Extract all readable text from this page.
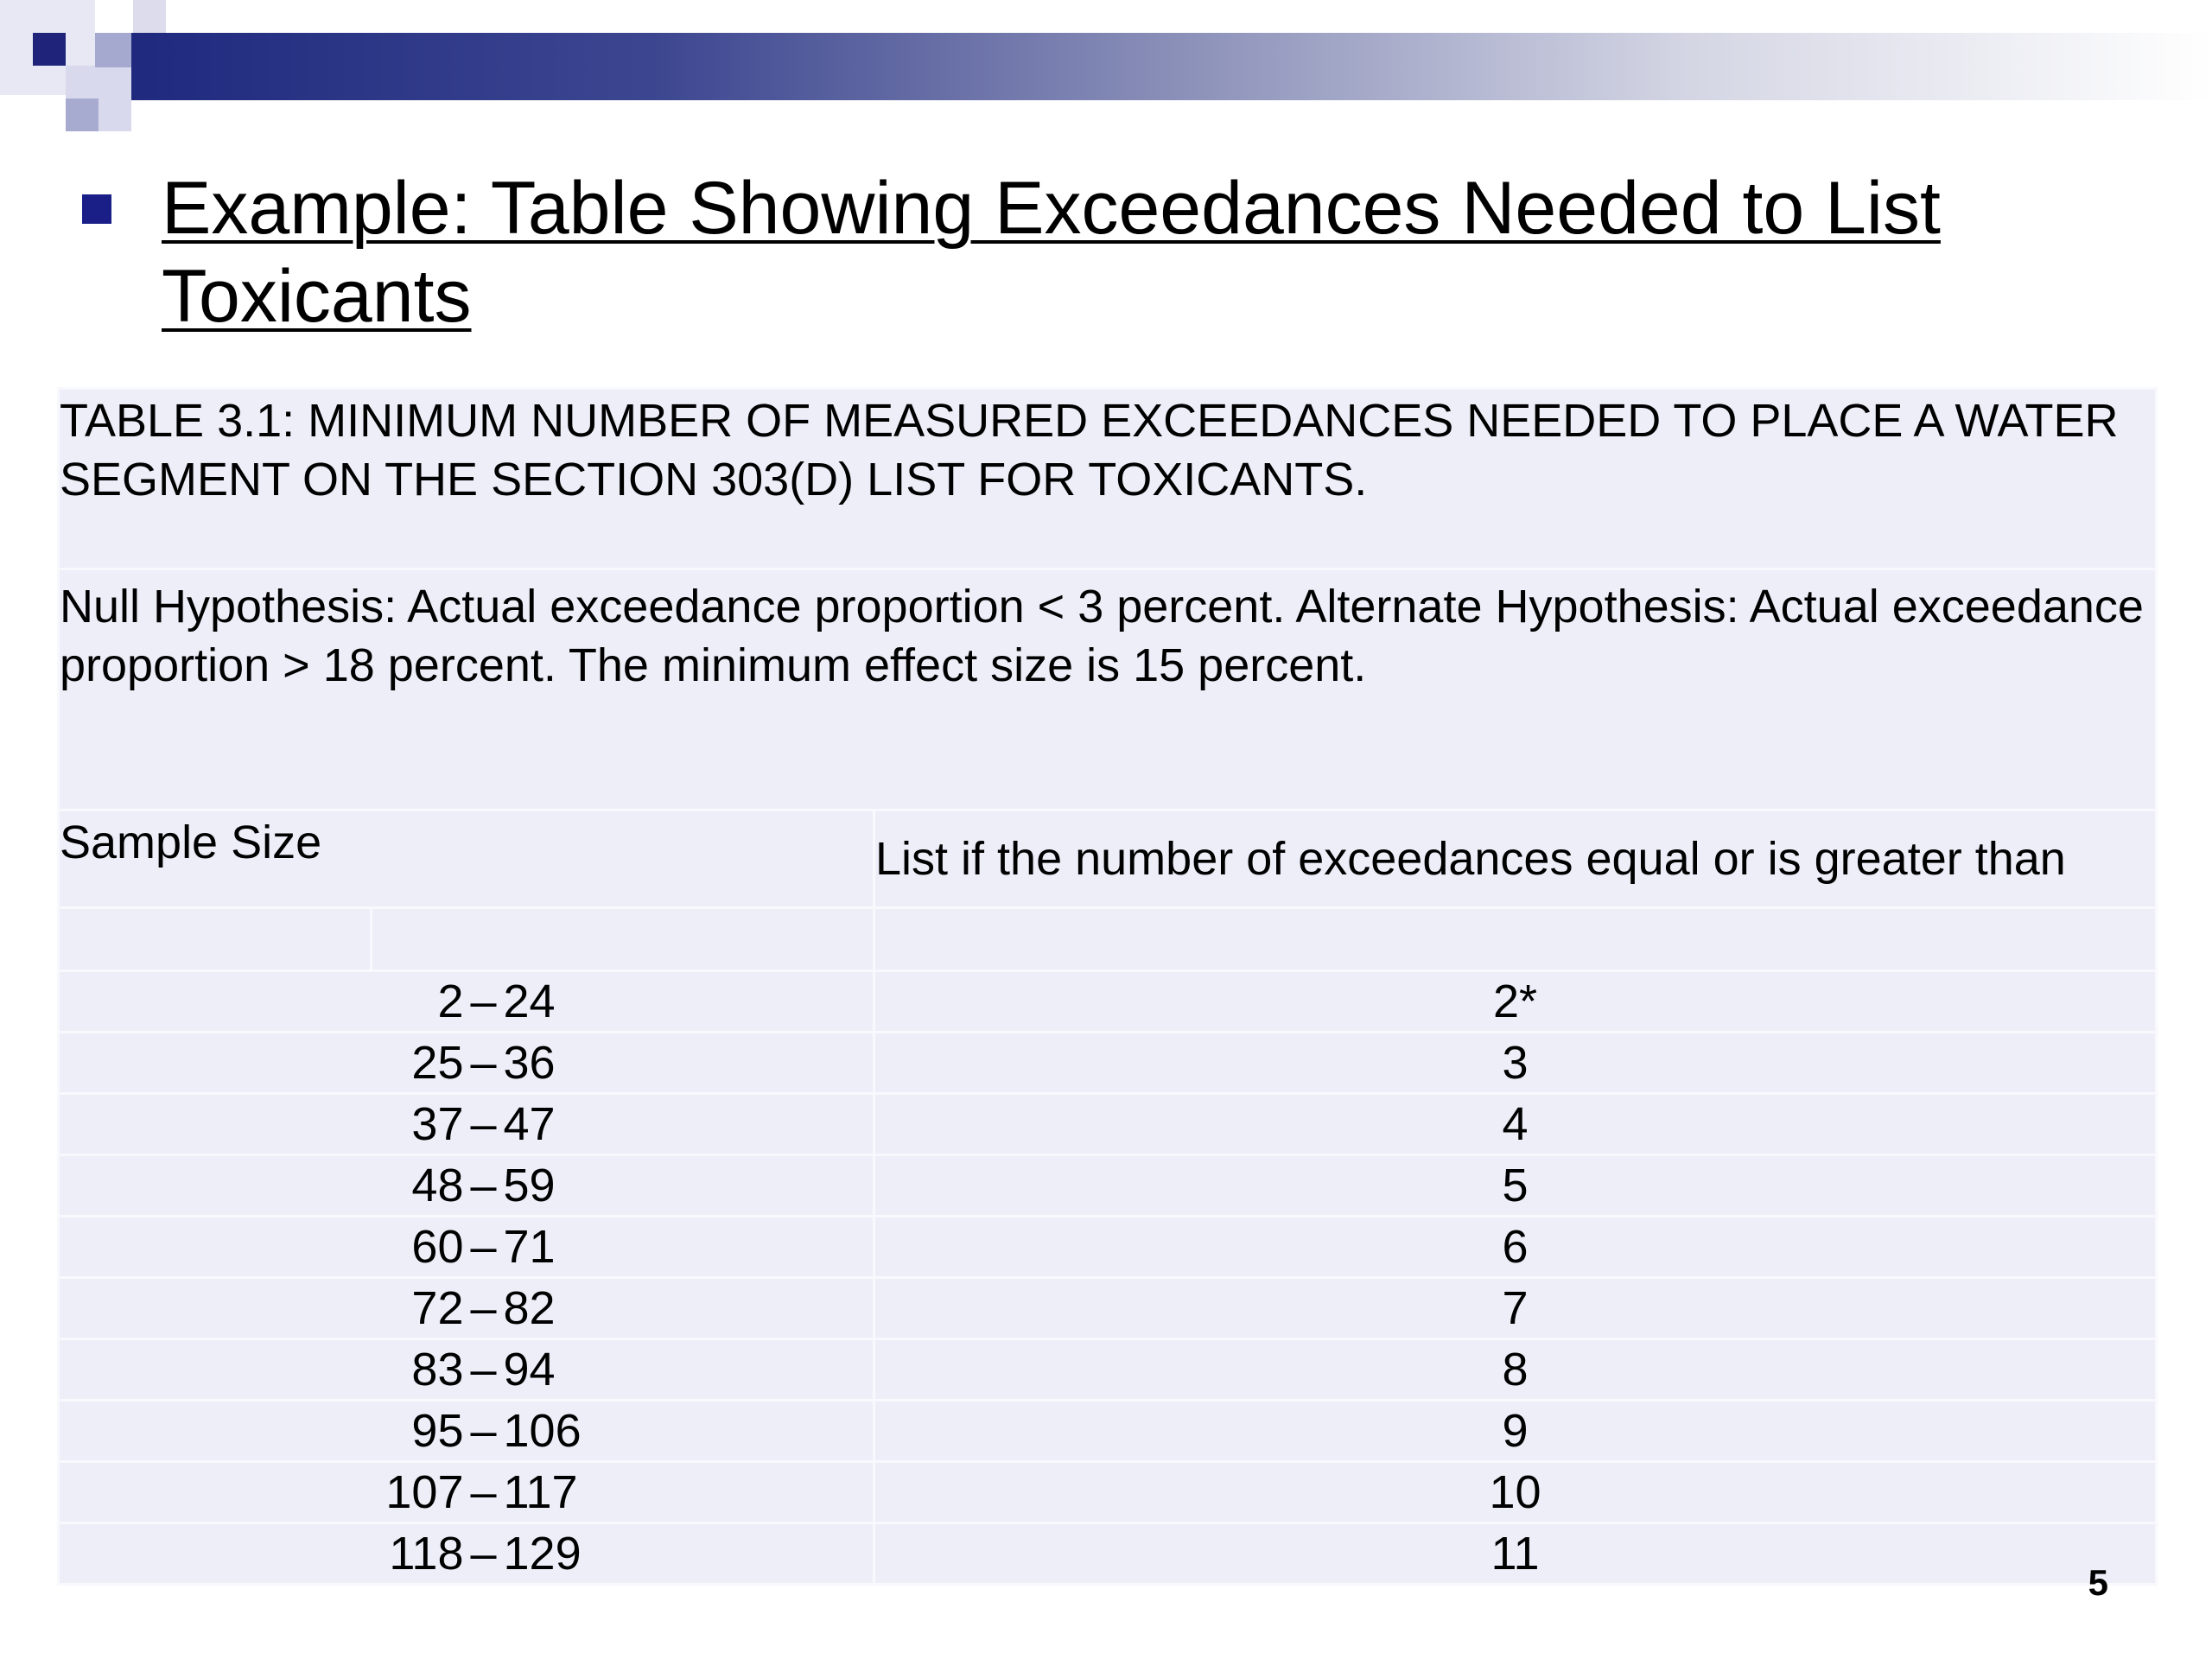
Example: Table Showing Exceedances Needed to List Toxicants
TABLE 3.1: MINIMUM NUMBER OF MEASURED EXCEEDANCES NEEDED TO PLACE A WATER SEGMENT ON THE SECTION 303(D) LIST FOR TOXICANTS.		

Null Hypothesis: Actual exceedance proportion < 3 percent. Alternate Hypothesis: Actual exceedance proportion > 18 percent. The minimum effect size is 15 percent.		
Sample Size		List if the number of exceedances equal or is greater than

2 – 24		2*
25 – 36		3
37 – 47		4
48 – 59		5
60 – 71		6
72 – 82		7
83 – 94		8
95 – 106		9
107 – 117		10
118 – 129		11
5
